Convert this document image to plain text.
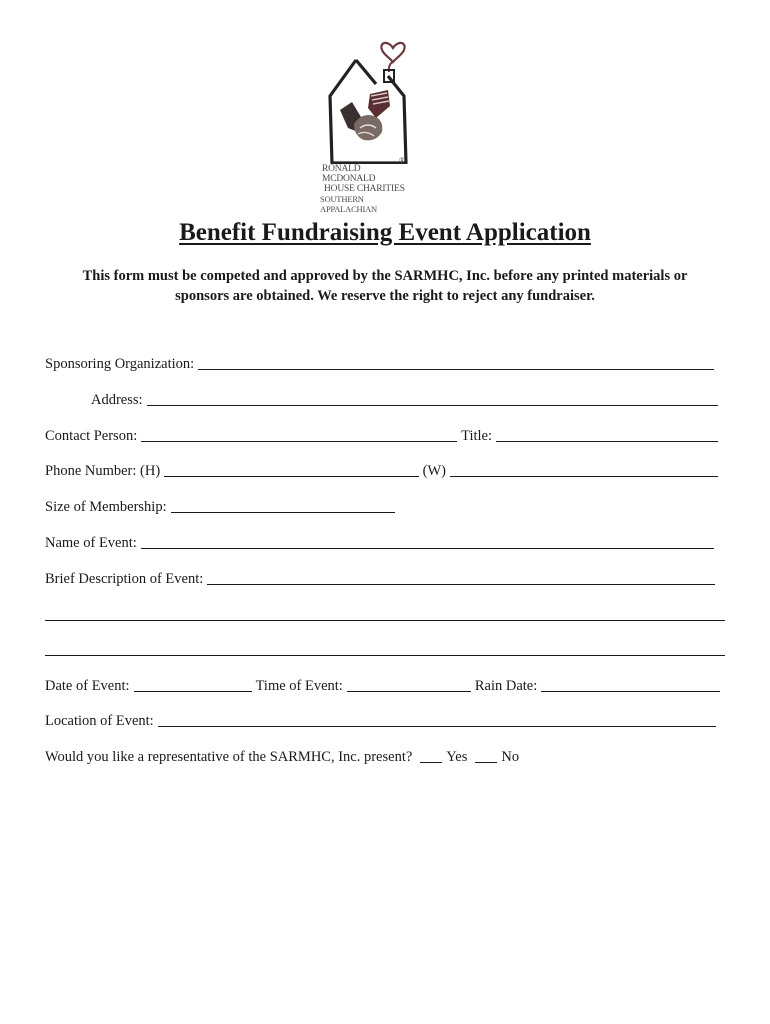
®
RONALD MCDONALD
HOUSE CHARITIES
SOUTHERN APPALACHIAN
Benefit Fundraising Event Application
This form must be competed and approved by the SARMHC, Inc. before any printed materials or sponsors are obtained. We reserve the right to reject any fundraiser.
Sponsoring Organization:
Address:
Contact Person:	Title:
Phone Number: (H)	(W)
Size of Membership:
Name of Event:
Brief Description of Event:
Date of Event:	Time of Event:	Rain Date:
Location of Event:
Would you like a representative of the SARMHC, Inc. present? Yes No
